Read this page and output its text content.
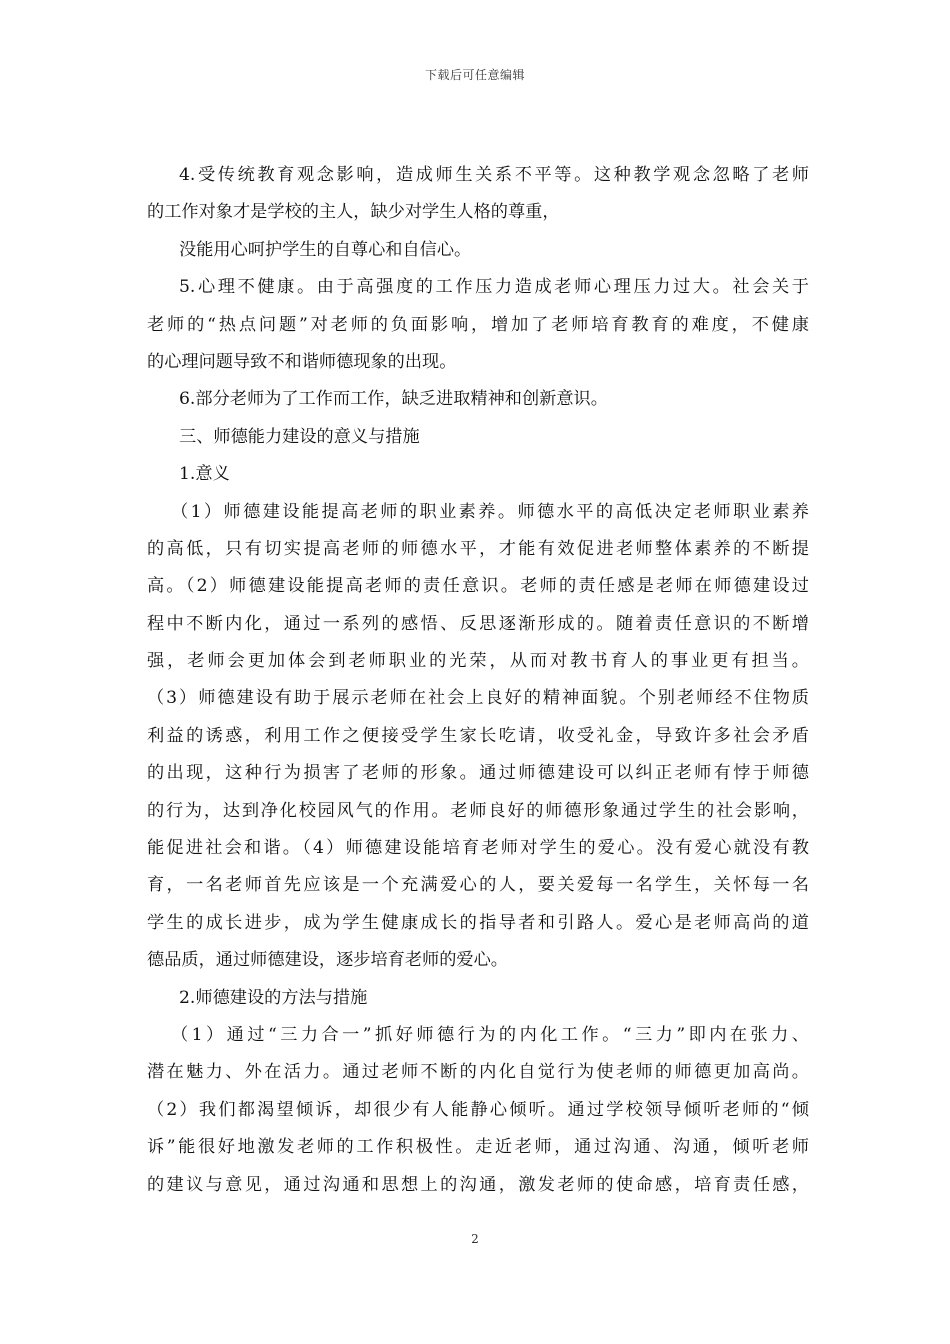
下载后可任意编辑
4.受传统教育观念影响，造成师生关系不平等。这种教学观念忽略了老师
的工作对象才是学校的主人，缺少对学生人格的尊重，
没能用心呵护学生的自尊心和自信心。
5.心理不健康。由于高强度的工作压力造成老师心理压力过大。社会关于
老师的“热点问题”对老师的负面影响，增加了老师培育教育的难度，不健康
的心理问题导致不和谐师德现象的出现。
6.部分老师为了工作而工作，缺乏进取精神和创新意识。
三、师德能力建设的意义与措施
1.意义
（1）师德建设能提高老师的职业素养。师德水平的高低决定老师职业素养
的高低，只有切实提高老师的师德水平，才能有效促进老师整体素养的不断提
高。（2）师德建设能提高老师的责任意识。老师的责任感是老师在师德建设过
程中不断内化，通过一系列的感悟、反思逐渐形成的。随着责任意识的不断增
强，老师会更加体会到老师职业的光荣，从而对教书育人的事业更有担当。
（3）师德建设有助于展示老师在社会上良好的精神面貌。个别老师经不住物质
利益的诱惑，利用工作之便接受学生家长吃请，收受礼金，导致许多社会矛盾
的出现，这种行为损害了老师的形象。通过师德建设可以纠正老师有悖于师德
的行为，达到净化校园风气的作用。老师良好的师德形象通过学生的社会影响，
能促进社会和谐。（4）师德建设能培育老师对学生的爱心。没有爱心就没有教
育，一名老师首先应该是一个充满爱心的人，要关爱每一名学生，关怀每一名
学生的成长进步，成为学生健康成长的指导者和引路人。爱心是老师高尚的道
德品质，通过师德建设，逐步培育老师的爱心。
2.师德建设的方法与措施
（1）通过“三力合一”抓好师德行为的内化工作。“三力”即内在张力、
潜在魅力、外在活力。通过老师不断的内化自觉行为使老师的师德更加高尚。
（2）我们都渴望倾诉，却很少有人能静心倾听。通过学校领导倾听老师的“倾
诉”能很好地激发老师的工作积极性。走近老师，通过沟通、沟通，倾听老师
的建议与意见，通过沟通和思想上的沟通，激发老师的使命感，培育责任感，
2
